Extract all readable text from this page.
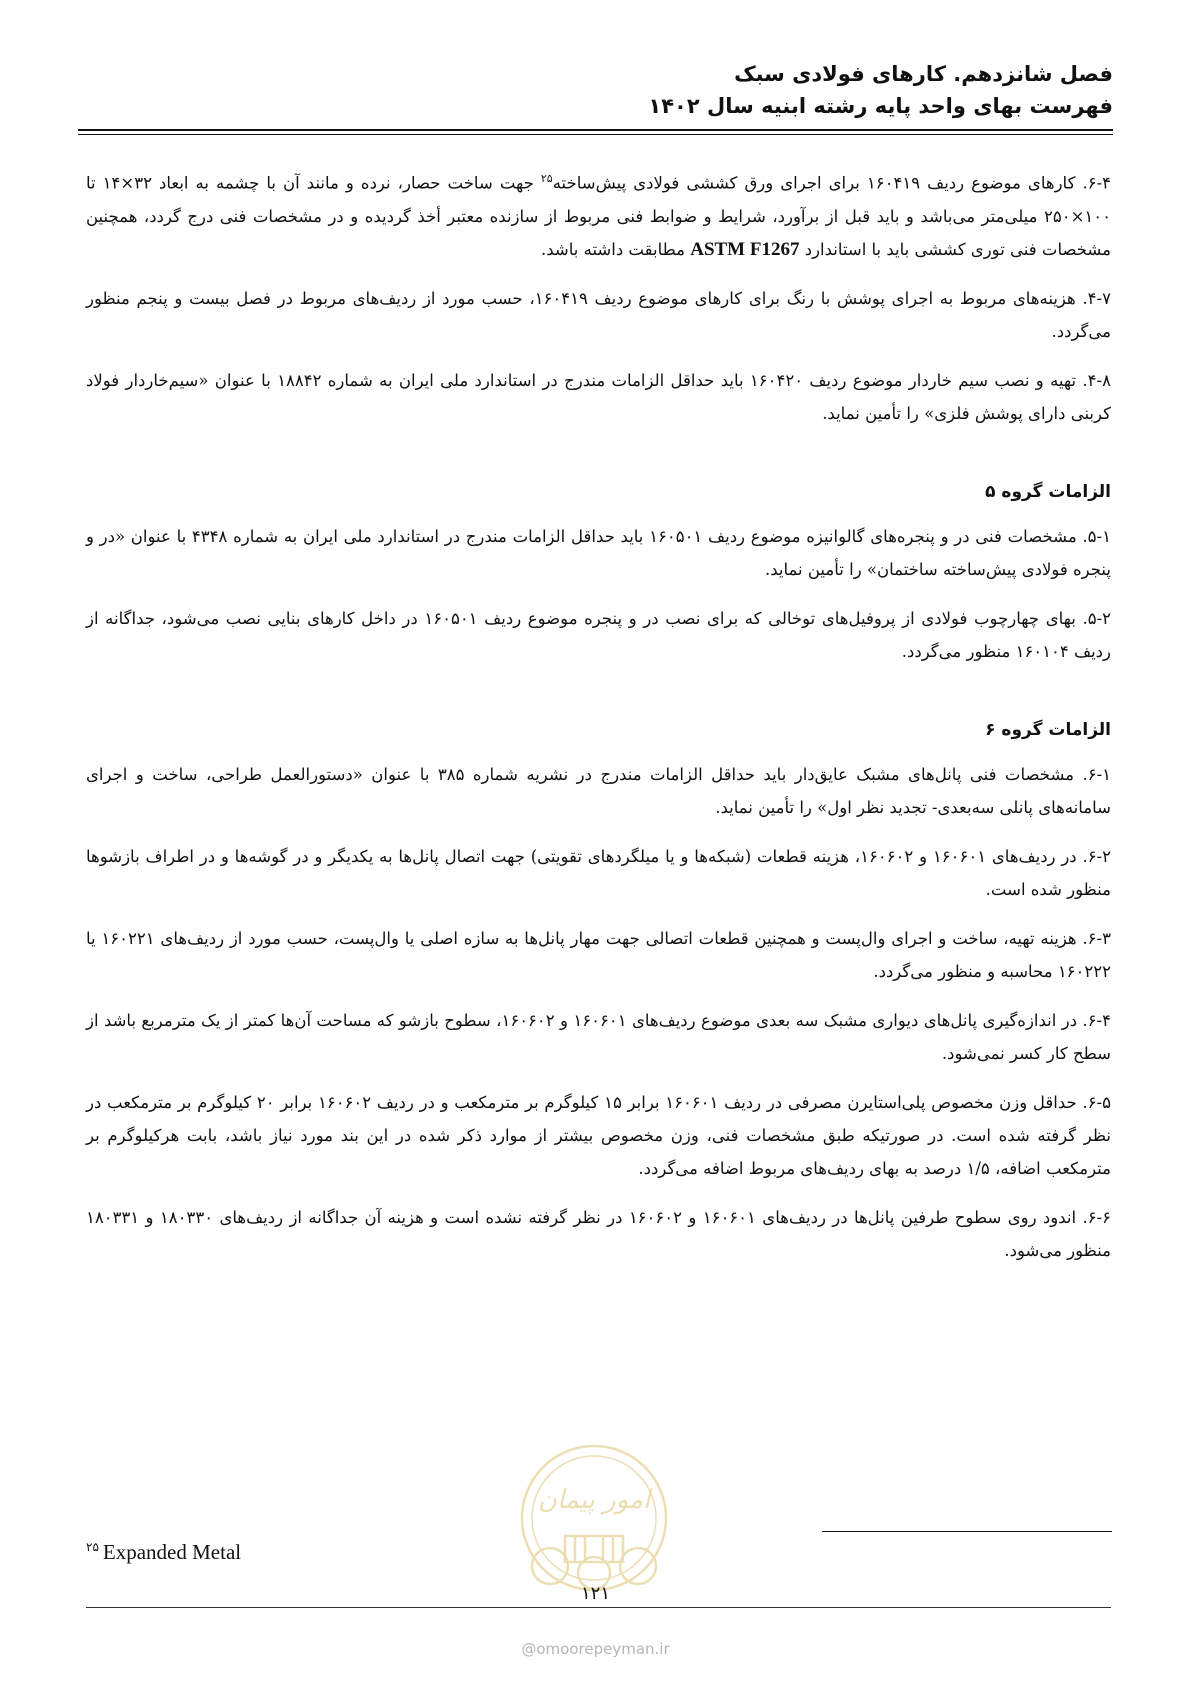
فصل شانزدهم. کارهای فولادی سبک
فهرست بهای واحد پایه رشته ابنیه سال ۱۴۰۲

۶-۴. کارهای موضوع ردیف ۱۶۰۴۱۹ برای اجرای ورق کششی فولادی پیش‌ساخته$^{۲۵}$ جهت ساخت حصار، نرده و مانند آن با چشمه به ابعاد ۳۲×۱۴ تا ۱۰۰×۲۵۰ میلی‌متر می‌باشد و باید قبل از برآورد، شرایط و ضوابط فنی مربوط از سازنده معتبر أخذ گردیده و در مشخصات فنی درج گردد، همچنین مشخصات فنی توری کششی باید با استاندارد ASTM F1267 مطابقت داشته باشد.

۴-۷. هزینه‌های مربوط به اجرای پوشش با رنگ برای کارهای موضوع ردیف ۱۶۰۴۱۹، حسب مورد از ردیف‌های مربوط در فصل بیست و پنجم منظور می‌گردد.

۴-۸. تهیه و نصب سیم خاردار موضوع ردیف ۱۶۰۴۲۰ باید حداقل الزامات مندرج در استاندارد ملی ایران به شماره ۱۸۸۴۲ با عنوان «سیم‌خاردار فولاد کربنی دارای پوشش فلزی» را تأمین نماید.

الزامات گروه ۵

۵-۱. مشخصات فنی در و پنجره‌های گالوانیزه موضوع ردیف ۱۶۰۵۰۱ باید حداقل الزامات مندرج در استاندارد ملی ایران به شماره ۴۳۴۸ با عنوان «در و پنجره فولادی پیش‌ساخته ساختمان» را تأمین نماید.

۵-۲. بهای چهارچوب فولادی از پروفیل‌های توخالی که برای نصب در و پنجره موضوع ردیف ۱۶۰۵۰۱ در داخل کارهای بنایی نصب می‌شود، جداگانه از ردیف ۱۶۰۱۰۴ منظور می‌گردد.

الزامات گروه ۶

۶-۱. مشخصات فنی پانل‌های مشبک عایق‌دار باید حداقل الزامات مندرج در نشریه شماره ۳۸۵ با عنوان «دستورالعمل طراحی، ساخت و اجرای سامانه‌های پانلی سه‌بعدی- تجدید نظر اول» را تأمین نماید.

۶-۲. در ردیف‌های ۱۶۰۶۰۱ و ۱۶۰۶۰۲، هزینه قطعات (شبکه‌ها و یا میلگردهای تقویتی) جهت اتصال پانل‌ها به یکدیگر و در گوشه‌ها و در اطراف بازشوها منظور شده است.

۶-۳. هزینه تهیه، ساخت و اجرای وال‌پست و همچنین قطعات اتصالی جهت مهار پانل‌ها به سازه اصلی یا وال‌پست، حسب مورد از ردیف‌های ۱۶۰۲۲۱ یا ۱۶۰۲۲۲ محاسبه و منظور می‌گردد.

۶-۴. در اندازه‌گیری پانل‌های دیواری مشبک سه بعدی موضوع ردیف‌های ۱۶۰۶۰۱ و ۱۶۰۶۰۲، سطوح بازشو که مساحت آن‌ها کمتر از یک مترمربع باشد از سطح کار کسر نمی‌شود.

۶-۵. حداقل وزن مخصوص پلی‌استایرن مصرفی در ردیف ۱۶۰۶۰۱ برابر ۱۵ کیلوگرم بر مترمکعب و در ردیف ۱۶۰۶۰۲ برابر ۲۰ کیلوگرم بر مترمکعب در نظر گرفته شده است. در صورتیکه طبق مشخصات فنی، وزن مخصوص بیشتر از موارد ذکر شده در این بند مورد نیاز باشد، بابت هرکیلوگرم بر مترمکعب اضافه، ۱/۵ درصد به بهای ردیف‌های مربوط اضافه می‌گردد.

۶-۶. اندود روی سطوح طرفین پانل‌ها در ردیف‌های ۱۶۰۶۰۱ و ۱۶۰۶۰۲ در نظر گرفته نشده است و هزینه آن جداگانه از ردیف‌های ۱۸۰۳۳۰ و ۱۸۰۳۳۱ منظور می‌شود.

امور پیمان
$^{۲۵}$ Expanded Metal
۱۲۱
@omoorepeyman.ir
